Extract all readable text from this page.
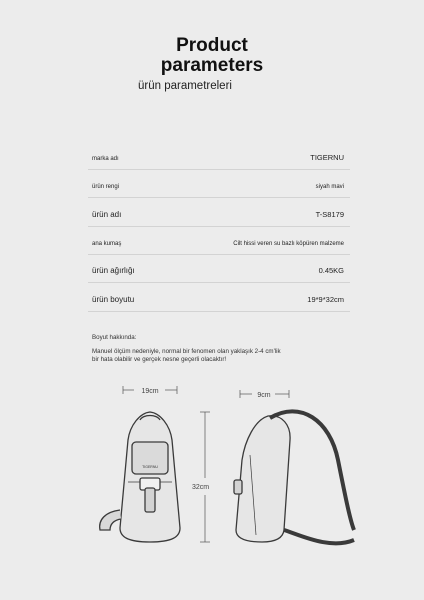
Product
parameters
ürün parametreleri
marka adı	TIGERNU
ürün rengi	siyah mavi
ürün adı	T-S8179
ana kumaş	Cilt hissi veren su bazlı köpüren malzeme
ürün ağırlığı	0.45KG
ürün boyutu	19*9*32cm
Boyut hakkında:
Manuel ölçüm nedeniyle, normal bir fenomen olan yaklaşık 2-4 cm'lik
bir hata olabilir ve gerçek nesne geçerli olacaktır!
19cm
TIGERNU
32cm
9cm
